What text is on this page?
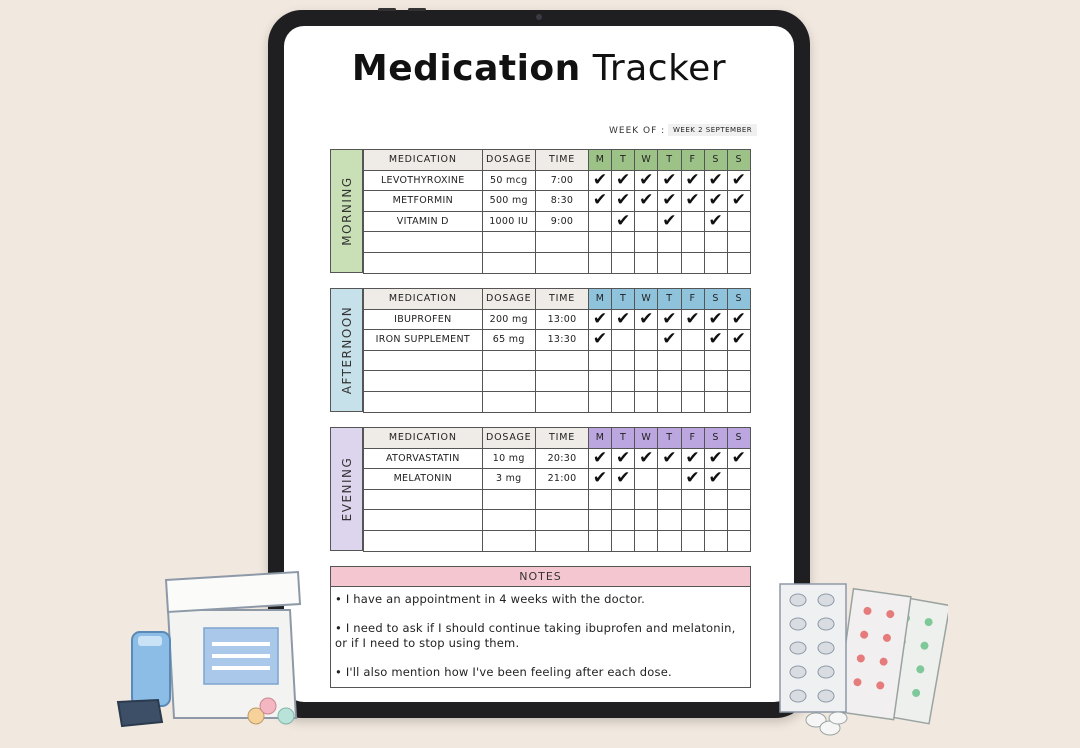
Medication Tracker
WEEK OF :	WEEK 2 SEPTEMBER
MORNING
MEDICATION	DOSAGE	TIME	M	T	W	T	F	S	S
LEVOTHYROXINE	50 mcg	7:00	✔	✔	✔	✔	✔	✔	✔
METFORMIN	500 mg	8:30	✔	✔	✔	✔	✔	✔	✔
VITAMIN D	1000 IU	9:00		✔		✔		✔	

AFTERNOON
MEDICATION	DOSAGE	TIME	M	T	W	T	F	S	S
IBUPROFEN	200 mg	13:00	✔	✔	✔	✔	✔	✔	✔
IRON SUPPLEMENT	65 mg	13:30	✔			✔		✔	✔

EVENING
MEDICATION	DOSAGE	TIME	M	T	W	T	F	S	S
ATORVASTATIN	10 mg	20:30	✔	✔	✔	✔	✔	✔	✔
MELATONIN	3 mg	21:00	✔	✔			✔	✔	

NOTES
• I have an appointment in 4 weeks with the doctor.
• I need to ask if I should continue taking ibuprofen and melatonin, or if I need to stop using them.
• I'll also mention how I've been feeling after each dose.
